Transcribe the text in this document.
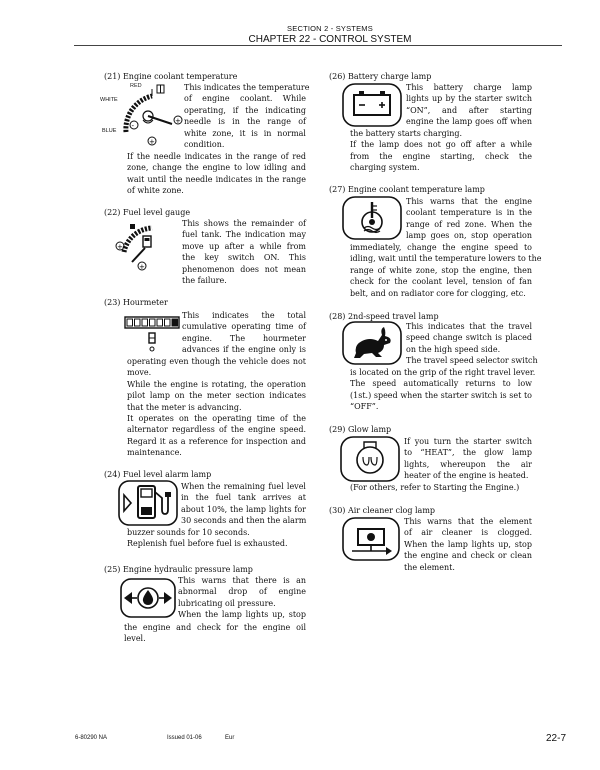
SECTION 2 - SYSTEMS
CHAPTER 22 - CONTROL SYSTEM
(21) Engine coolant temperature
RED
WHITE
BLUE
-
+
+
This indicates the temperature
of engine coolant. While
operating, if the indicating
needle is in the range of
white zone, it is in normal
condition.
If the needle indicates in the range of red
zone, change the engine to low idling and
wait until the needle indicates in the range
of white zone.
(22) Fuel level gauge
+
+
This shows the remainder of
fuel tank. The indication may
move up after a while from
the key switch ON. This
phenomenon does not mean
the failure.
(23) Hourmeter
This indicates the total
cumulative operating time of
engine. The hourmeter
advances if the engine only is
operating even though the vehicle does not
move.
While the engine is rotating, the operation
pilot lamp on the meter section indicates
that the meter is advancing.
It operates on the operating time of the
alternator regardless of the engine speed.
Regard it as a reference for inspection and
maintenance.
(24) Fuel level alarm lamp
When the remaining fuel level
in the fuel tank arrives at
about 10%, the lamp lights for
30 seconds and then the alarm
buzzer sounds for 10 seconds.
Replenish fuel before fuel is exhausted.
(25) Engine hydraulic pressure lamp
This warns that there is an
abnormal drop of engine
lubricating oil pressure.
When the lamp lights up, stop
the engine and check for the engine oil
level.
(26) Battery charge lamp
This battery charge lamp
lights up by the starter switch
“ON”, and after starting
engine the lamp goes off when
the battery starts charging.
If the lamp does not go off after a while
from the engine starting, check the
charging system.
(27) Engine coolant temperature lamp
This warns that the engine
coolant temperature is in the
range of red zone. When the
lamp goes on, stop operation
immediately, change the engine speed to
idling, wait until the temperature lowers to the
range of white zone, stop the engine, then
check for the coolant level, tension of fan
belt, and on radiator core for clogging, etc.
(28) 2nd-speed travel lamp
This indicates that the travel
speed change switch is placed
on the high speed side.
The travel speed selector switch
is located on the grip of the right travel lever.
The speed automatically returns to low
(1st.) speed when the starter switch is set to
“OFF”.
(29) Glow lamp
If you turn the starter switch
to “HEAT”, the glow lamp
lights, whereupon the air
heater of the engine is heated.
(For others, refer to Starting the Engine.)
(30) Air cleaner clog lamp
This warns that the element
of air cleaner is clogged.
When the lamp lights up, stop
the engine and check or clean
the element.
6-80290 NA	Issued 01-06	Eur	22-7
